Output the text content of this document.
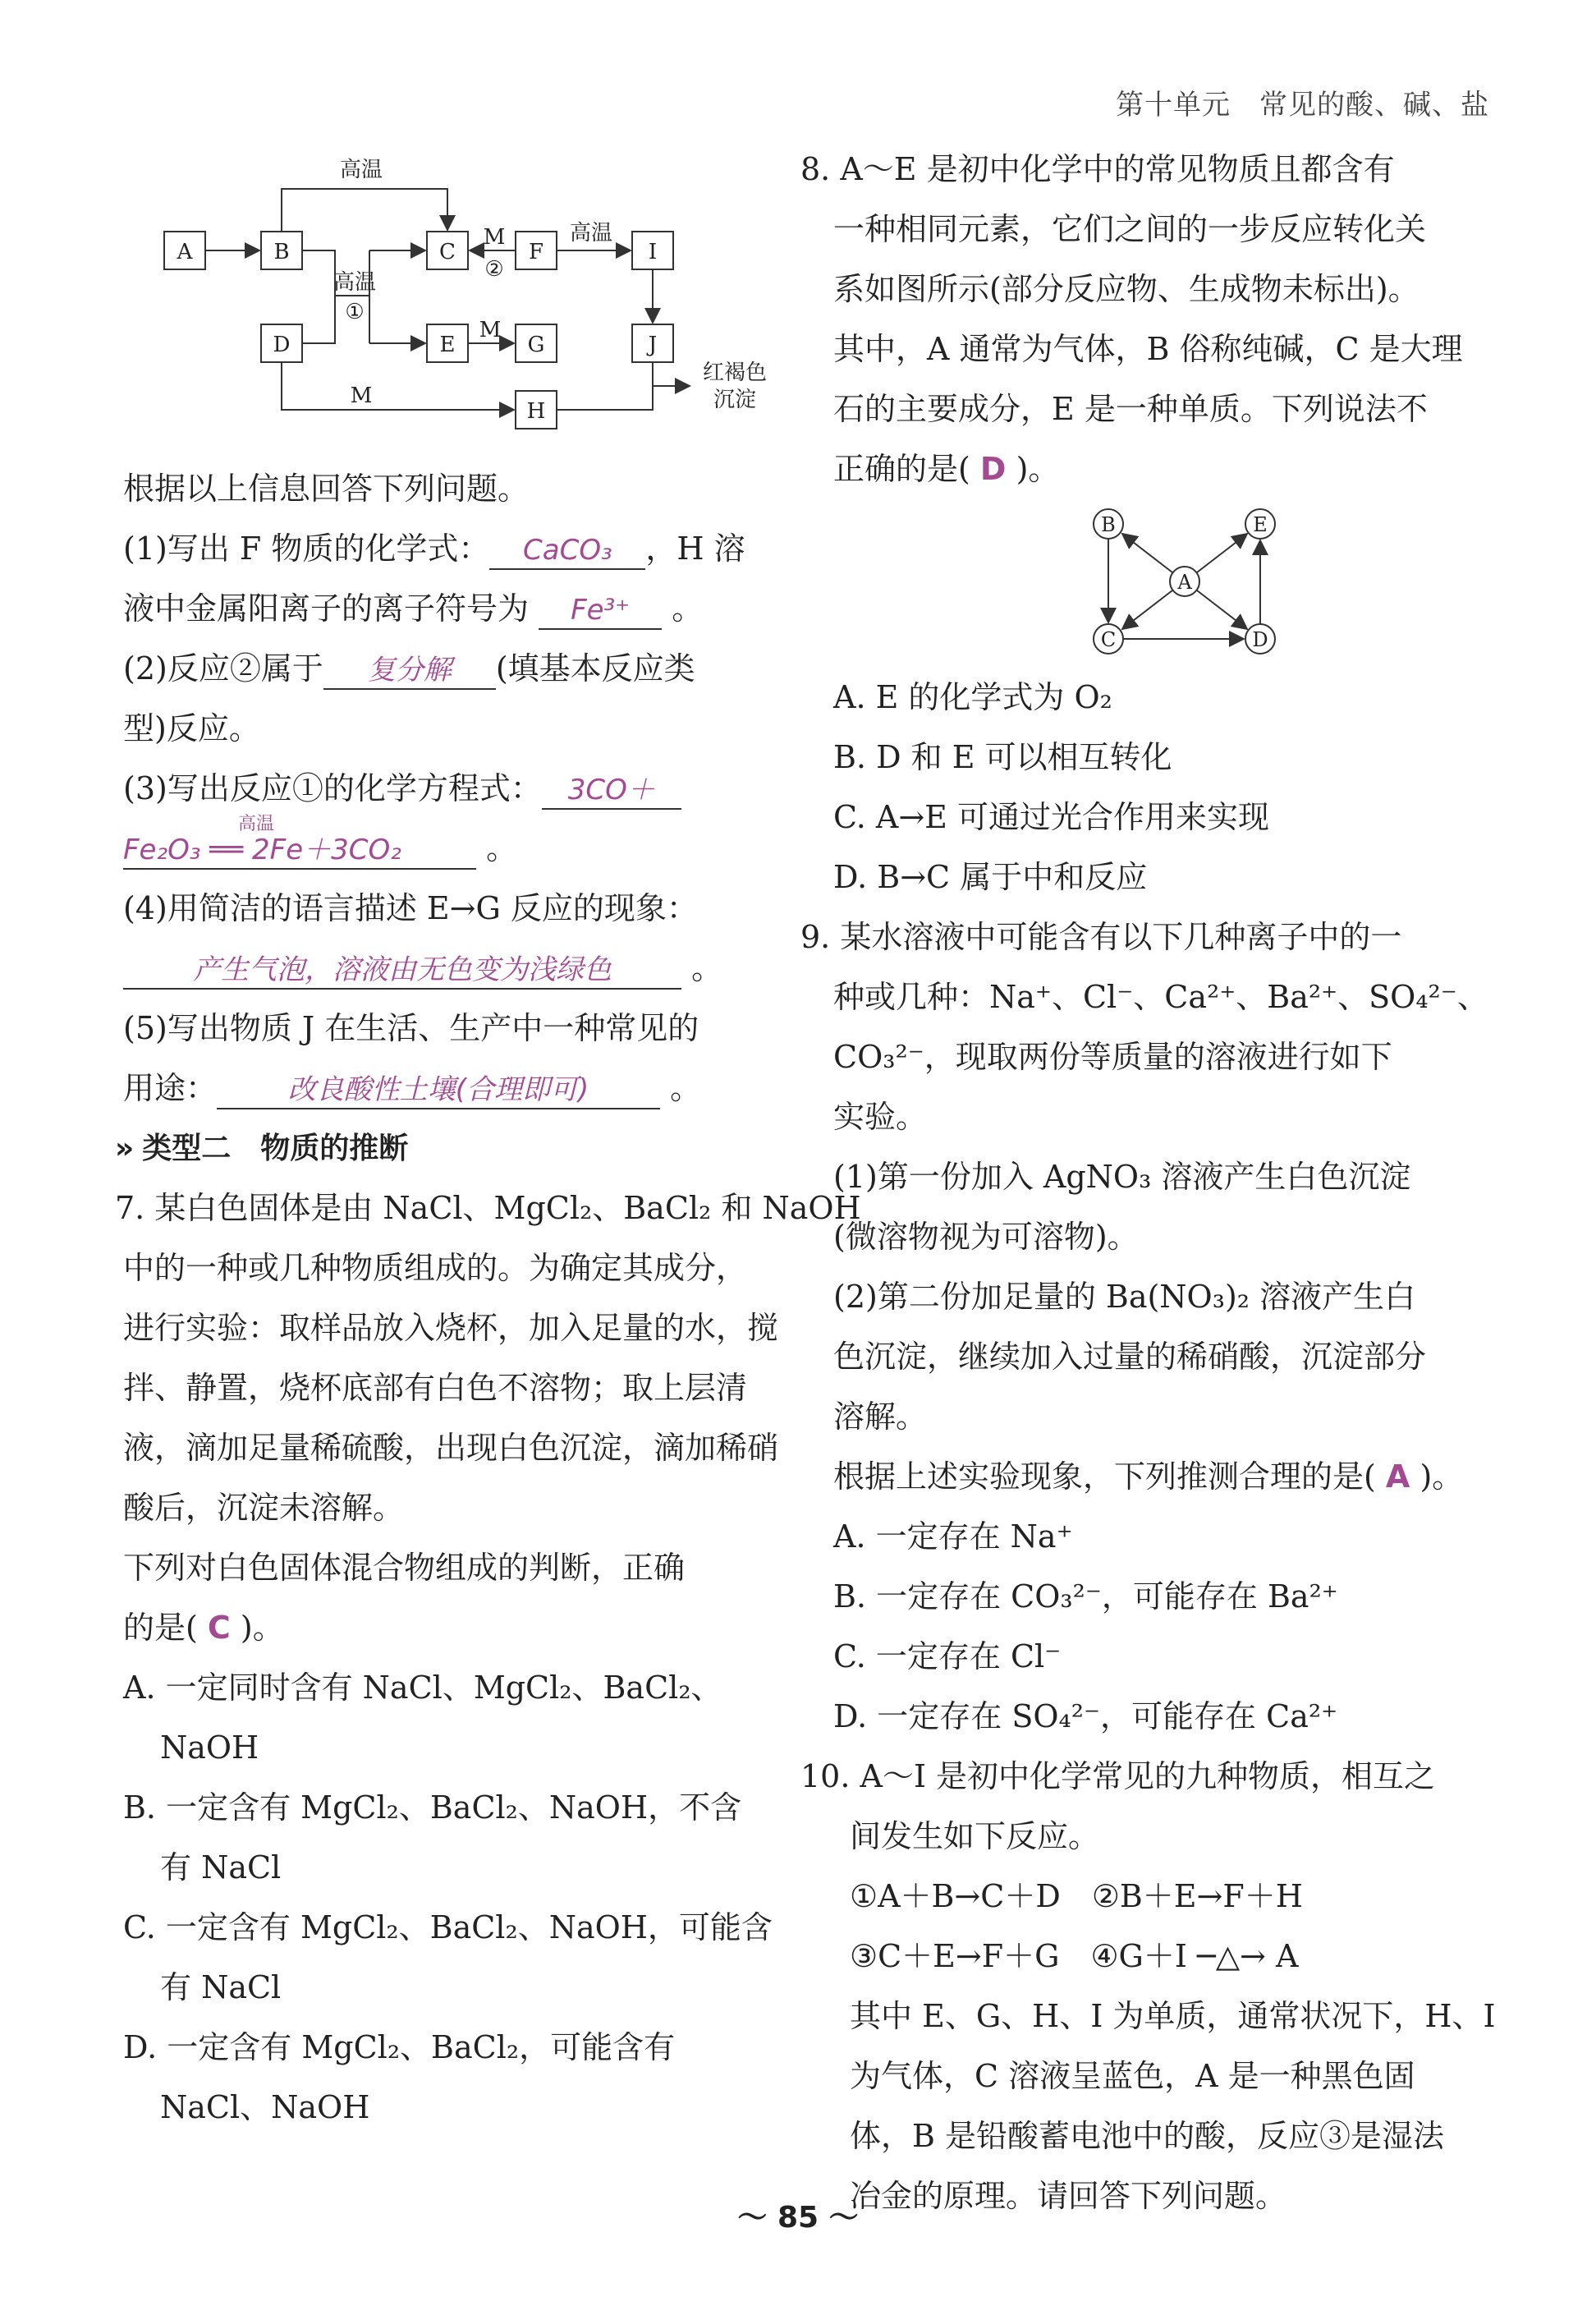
第十单元　常见的酸、碱、盐
A	B	C	F	I
D	E	G
H
J
高温
高温
①
M
②
高温
M
M
红褐色
沉淀

根据以上信息回答下列问题。

(1)写出 F 物质的化学式： CaCO₃ ，H 溶

液中金属阳离子的离子符号为 Fe³⁺ 。

(2)反应②属于 复分解 (填基本反应类

型)反应。

(3)写出反应①的化学方程式： 3CO＋

高温
Fe₂O₃ ══ 2Fe＋3CO₂	。

(4)用简洁的语言描述 E→G 反应的现象：

产生气泡，溶液由无色变为浅绿色	。

(5)写出物质 J 在生活、生产中一种常见的

用途：	改良酸性土壤(合理即可)	。

» 类型二　物质的推断

7. 某白色固体是由 NaCl、MgCl₂、BaCl₂ 和 NaOH

中的一种或几种物质组成的。为确定其成分，

进行实验：取样品放入烧杯，加入足量的水，搅

拌、静置，烧杯底部有白色不溶物；取上层清

液，滴加足量稀硫酸，出现白色沉淀，滴加稀硝

酸后，沉淀未溶解。

下列对白色固体混合物组成的判断，正确

的是( C )。

A. 一定同时含有 NaCl、MgCl₂、BaCl₂、

NaOH

B. 一定含有 MgCl₂、BaCl₂、NaOH，不含

有 NaCl

C. 一定含有 MgCl₂、BaCl₂、NaOH，可能含

有 NaCl

D. 一定含有 MgCl₂、BaCl₂，可能含有

NaCl、NaOH

8. A～E 是初中化学中的常见物质且都含有

一种相同元素，它们之间的一步反应转化关

系如图所示(部分反应物、生成物未标出)。

其中，A 通常为气体，B 俗称纯碱，C 是大理

石的主要成分，E 是一种单质。下列说法不

正确的是( D )。

B	E
A
C	D

A. E 的化学式为 O₂

B. D 和 E 可以相互转化

C. A→E 可通过光合作用来实现

D. B→C 属于中和反应

9. 某水溶液中可能含有以下几种离子中的一

种或几种：Na⁺、Cl⁻、Ca²⁺、Ba²⁺、SO₄²⁻、

CO₃²⁻，现取两份等质量的溶液进行如下

实验。

(1)第一份加入 AgNO₃ 溶液产生白色沉淀

(微溶物视为可溶物)。

(2)第二份加足量的 Ba(NO₃)₂ 溶液产生白

色沉淀，继续加入过量的稀硝酸，沉淀部分

溶解。

根据上述实验现象，下列推测合理的是( A )。

A. 一定存在 Na⁺

B. 一定存在 CO₃²⁻，可能存在 Ba²⁺

C. 一定存在 Cl⁻

D. 一定存在 SO₄²⁻，可能存在 Ca²⁺

10. A～I 是初中化学常见的九种物质，相互之

间发生如下反应。

①A＋B→C＋D　②B＋E→F＋H

③C＋E→F＋G　④G＋I ─△→ A

其中 E、G、H、I 为单质，通常状况下，H、I

为气体，C 溶液呈蓝色，A 是一种黑色固

体，B 是铅酸蓄电池中的酸，反应③是湿法

冶金的原理。请回答下列问题。

～ 85 ～
